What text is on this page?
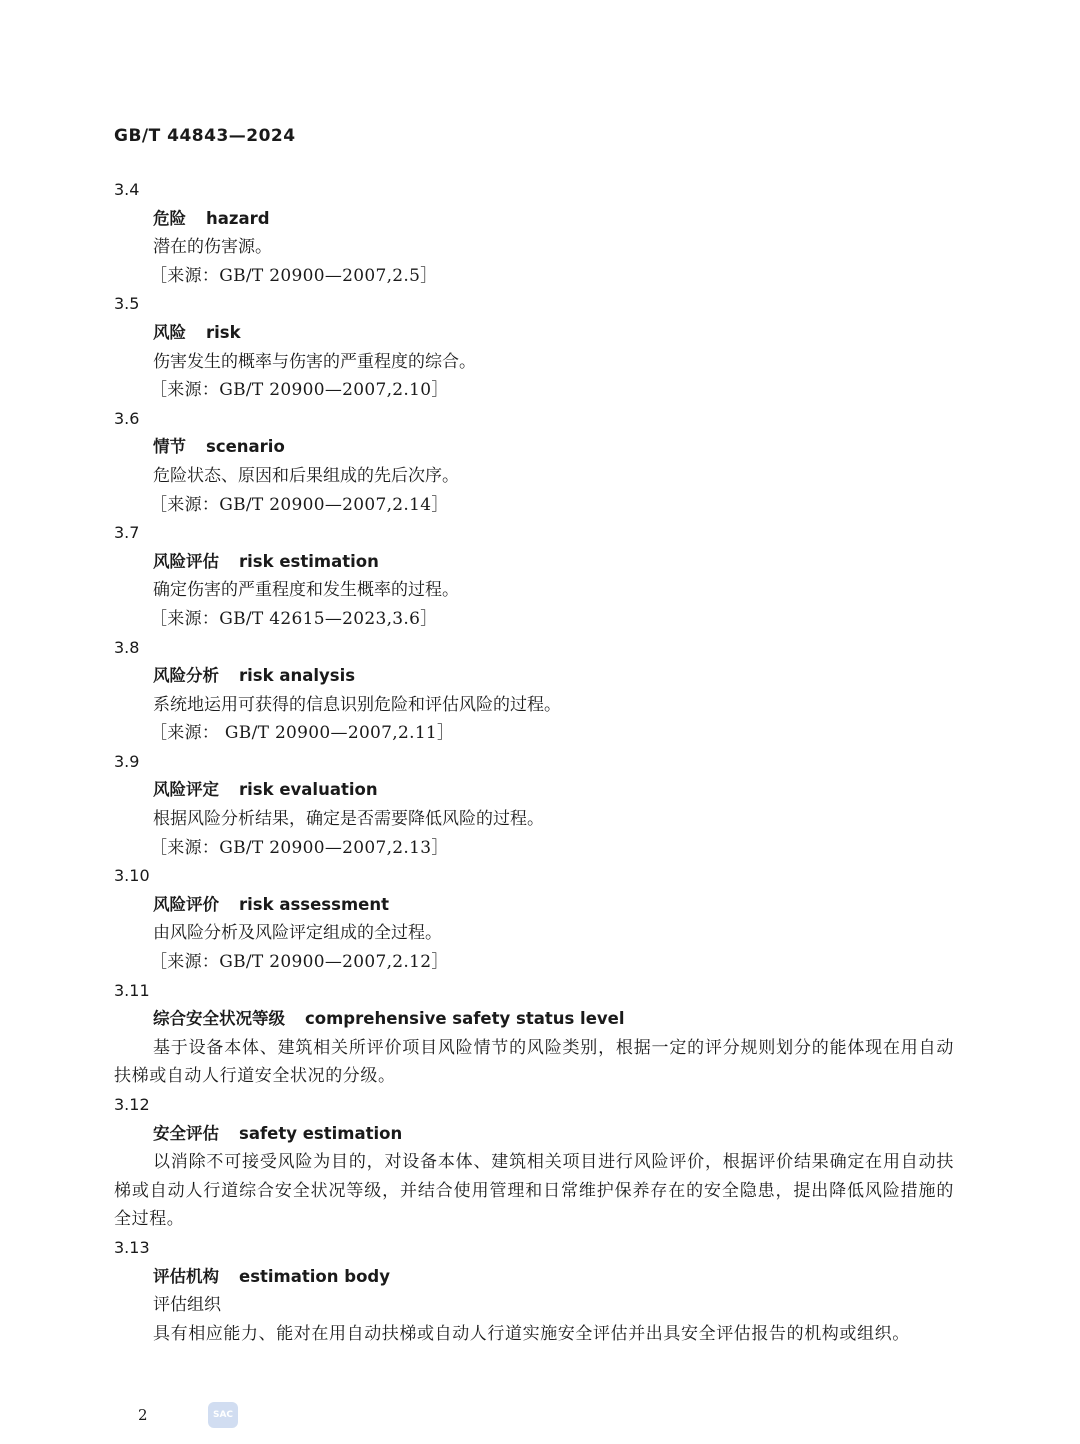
GB/T 44843—2024
3.4
危险 hazard
潜在的伤害源。
［来源：GB/T 20900—2007,2.5］
3.5
风险 risk
伤害发生的概率与伤害的严重程度的综合。
［来源：GB/T 20900—2007,2.10］
3.6
情节 scenario
危险状态、原因和后果组成的先后次序。
［来源：GB/T 20900—2007,2.14］
3.7
风险评估 risk estimation
确定伤害的严重程度和发生概率的过程。
［来源：GB/T 42615—2023,3.6］
3.8
风险分析 risk analysis
系统地运用可获得的信息识别危险和评估风险的过程。
［来源： GB/T 20900—2007,2.11］
3.9
风险评定 risk evaluation
根据风险分析结果，确定是否需要降低风险的过程。
［来源：GB/T 20900—2007,2.13］
3.10
风险评价 risk assessment
由风险分析及风险评定组成的全过程。
［来源：GB/T 20900—2007,2.12］
3.11
综合安全状况等级 comprehensive safety status level
基于设备本体、建筑相关所评价项目风险情节的风险类别，根据一定的评分规则划分的能体现在用自动扶梯或自动人行道安全状况的分级。
3.12
安全评估 safety estimation
以消除不可接受风险为目的，对设备本体、建筑相关项目进行风险评价，根据评价结果确定在用自动扶梯或自动人行道综合安全状况等级，并结合使用管理和日常维护保养存在的安全隐患，提出降低风险措施的全过程。
3.13
评估机构 estimation body
评估组织
具有相应能力、能对在用自动扶梯或自动人行道实施安全评估并出具安全评估报告的机构或组织。
2	SAC
